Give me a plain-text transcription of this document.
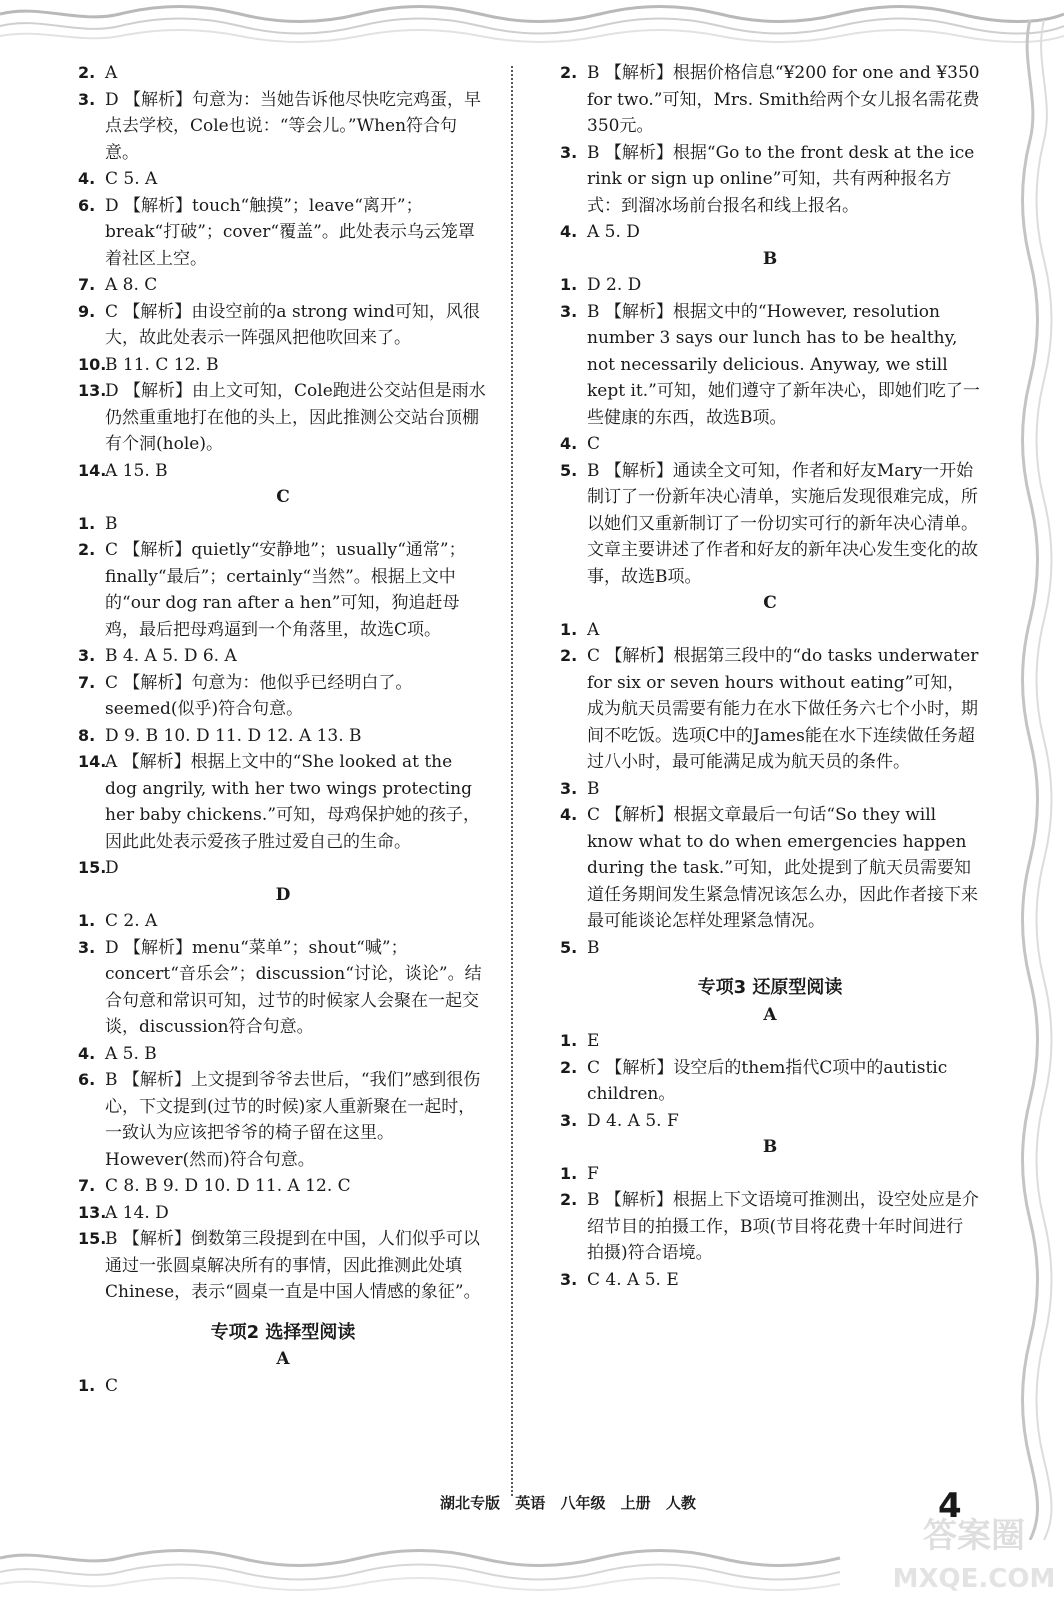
2. A
3. D 【解析】句意为：当她告诉他尽快吃完鸡蛋，早点去学校，Cole也说：“等会儿。”When符合句意。
4. C 5. A
6. D 【解析】touch“触摸”；leave“离开”；break“打破”；cover“覆盖”。此处表示乌云笼罩着社区上空。
7. A 8. C
9. C 【解析】由设空前的a strong wind可知，风很大，故此处表示一阵强风把他吹回来了。
10.
B 11. C 12. B
13.
D 【解析】由上文可知，Cole跑进公交站但是雨水仍然重重地打在他的头上，因此推测公交站台顶棚有个洞(hole)。
14.
A 15. B
C
1. B
2. C 【解析】quietly“安静地”；usually“通常”；finally“最后”；certainly“当然”。根据上文中的“our dog ran after a hen”可知，狗追赶母鸡，最后把母鸡逼到一个角落里，故选C项。
3. B 4. A 5. D 6. A
7. C 【解析】句意为：他似乎已经明白了。seemed(似乎)符合句意。
8. D 9. B 10. D 11. D 12. A 13. B
14.
A 【解析】根据上文中的“She looked at the dog angrily, with her two wings protecting her baby chickens.”可知，母鸡保护她的孩子，因此此处表示爱孩子胜过爱自己的生命。
15.
D
D
1. C 2. A
3. D 【解析】menu“菜单”；shout“喊”；concert“音乐会”；discussion“讨论，谈论”。结合句意和常识可知，过节的时候家人会聚在一起交谈，discussion符合句意。
4. A 5. B
6. B 【解析】上文提到爷爷去世后，“我们”感到很伤心，下文提到(过节的时候)家人重新聚在一起时，一致认为应该把爷爷的椅子留在这里。However(然而)符合句意。
7. C 8. B 9. D 10. D 11. A 12. C
13.
A 14. D
15.
B 【解析】倒数第三段提到在中国，人们似乎可以通过一张圆桌解决所有的事情，因此推测此处填Chinese，表示“圆桌一直是中国人情感的象征”。
专项2 选择型阅读
A
1. C
2. B 【解析】根据价格信息“¥200 for one and ¥350 for two.”可知，Mrs. Smith给两个女儿报名需花费350元。
3. B 【解析】根据“Go to the front desk at the ice rink or sign up online”可知，共有两种报名方式：到溜冰场前台报名和线上报名。
4. A 5. D
B
1. D 2. D
3. B 【解析】根据文中的“However, resolution number 3 says our lunch has to be healthy, not necessarily delicious. Anyway, we still kept it.”可知，她们遵守了新年决心，即她们吃了一些健康的东西，故选B项。
4. C
5. B 【解析】通读全文可知，作者和好友Mary一开始制订了一份新年决心清单，实施后发现很难完成，所以她们又重新制订了一份切实可行的新年决心清单。文章主要讲述了作者和好友的新年决心发生变化的故事，故选B项。
C
1. A
2. C 【解析】根据第三段中的“do tasks underwater for six or seven hours without eating”可知，成为航天员需要有能力在水下做任务六七个小时，期间不吃饭。选项C中的James能在水下连续做任务超过八小时，最可能满足成为航天员的条件。
3. B
4. C 【解析】根据文章最后一句话“So they will know what to do when emergencies happen during the task.”可知，此处提到了航天员需要知道任务期间发生紧急情况该怎么办，因此作者接下来最可能谈论怎样处理紧急情况。
5. B
专项3 还原型阅读
A
1. E
2. C 【解析】设空后的them指代C项中的autistic children。
3. D 4. A 5. F
B
1. F
2. B 【解析】根据上下文语境可推测出，设空处应是介绍节目的拍摄工作，B项(节目将花费十年时间进行拍摄)符合语境。
3. C 4. A 5. E
湖北专版 英语 八年级 上册 人教	4
答案圈
MXQE.COM
